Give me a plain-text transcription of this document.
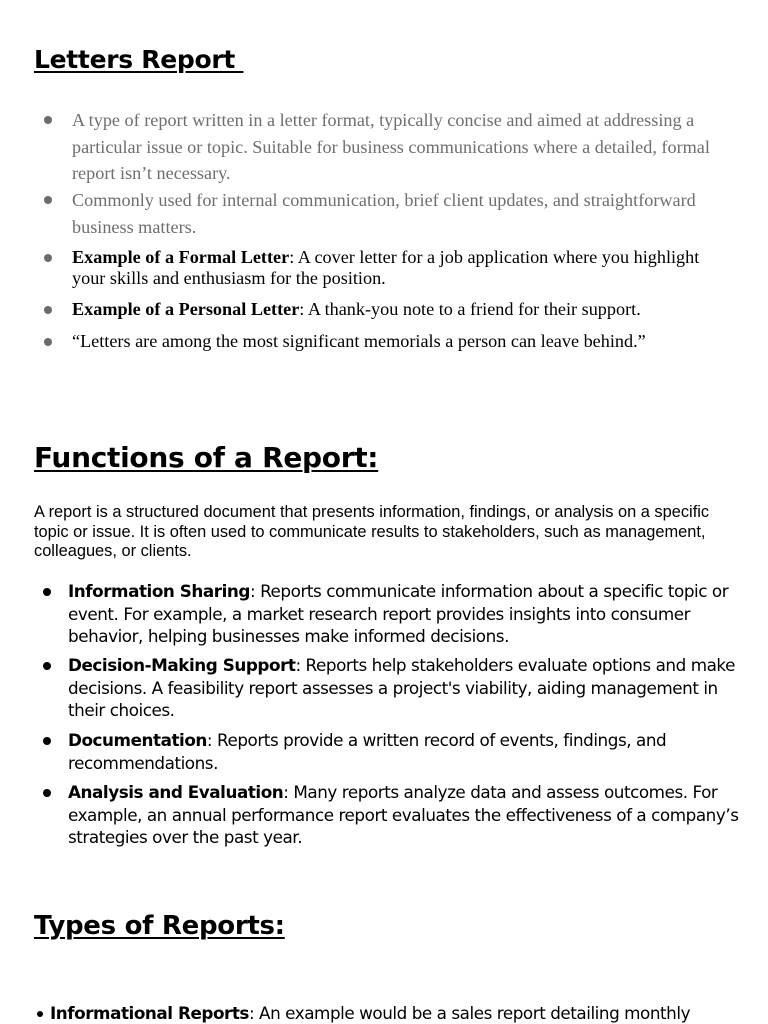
Letters Report
A type of report written in a letter format, typically concise and aimed at addressing a particular issue or topic. Suitable for business communications where a detailed, formal report isn’t necessary.
Commonly used for internal communication, brief client updates, and straightforward business matters.
Example of a Formal Letter: A cover letter for a job application where you highlight your skills and enthusiasm for the position.
Example of a Personal Letter: A thank-you note to a friend for their support.
“Letters are among the most significant memorials a person can leave behind.”
Functions of a Report:

A report is a structured document that presents information, findings, or analysis on a specific topic or issue. It is often used to communicate results to stakeholders, such as management, colleagues, or clients.

Information Sharing: Reports communicate information about a specific topic or event. For example, a market research report provides insights into consumer behavior, helping businesses make informed decisions.
Decision-Making Support: Reports help stakeholders evaluate options and make decisions. A feasibility report assesses a project's viability, aiding management in their choices.
Documentation: Reports provide a written record of events, findings, and recommendations.
Analysis and Evaluation: Many reports analyze data and assess outcomes. For example, an annual performance report evaluates the effectiveness of a company’s strategies over the past year.
Types of Reports:
Informational Reports: An example would be a sales report detailing monthly
